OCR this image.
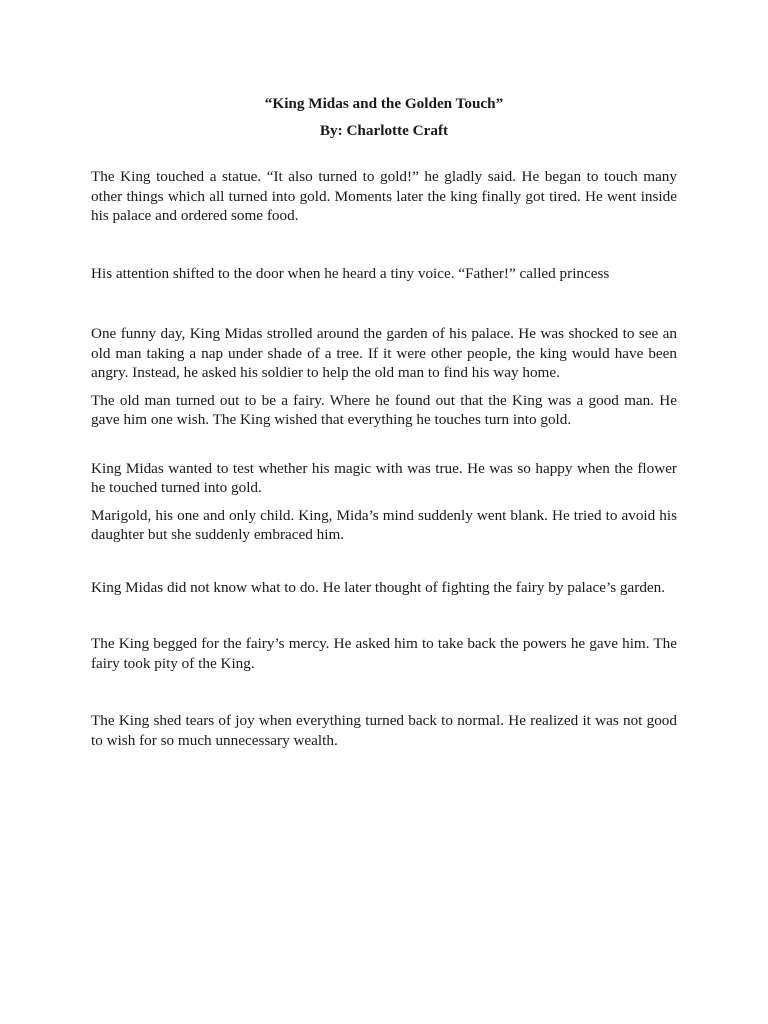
“King Midas and the Golden Touch”

By: Charlotte Craft

The King touched a statue. “It also turned to gold!” he gladly said. He began to touch many other things which all turned into gold. Moments later the king finally got tired. He went inside his palace and ordered some food.

His attention shifted to the door when he heard a tiny voice. “Father!” called princess

One funny day, King Midas strolled around the garden of his palace. He was shocked to see an old man taking a nap under shade of a tree. If it were other people, the king would have been angry. Instead, he asked his soldier to help the old man to find his way home.

The old man turned out to be a fairy. Where he found out that the King was a good man. He gave him one wish. The King wished that everything he touches turn into gold.

King Midas wanted to test whether his magic with was true. He was so happy when the flower he touched turned into gold.

Marigold, his one and only child. King, Mida’s mind suddenly went blank. He tried to avoid his daughter but she suddenly embraced him.

King Midas did not know what to do. He later thought of fighting the fairy by palace’s garden.

The King begged for the fairy’s mercy. He asked him to take back the powers he gave him. The fairy took pity of the King.

The King shed tears of joy when everything turned back to normal. He realized it was not good to wish for so much unnecessary wealth.
